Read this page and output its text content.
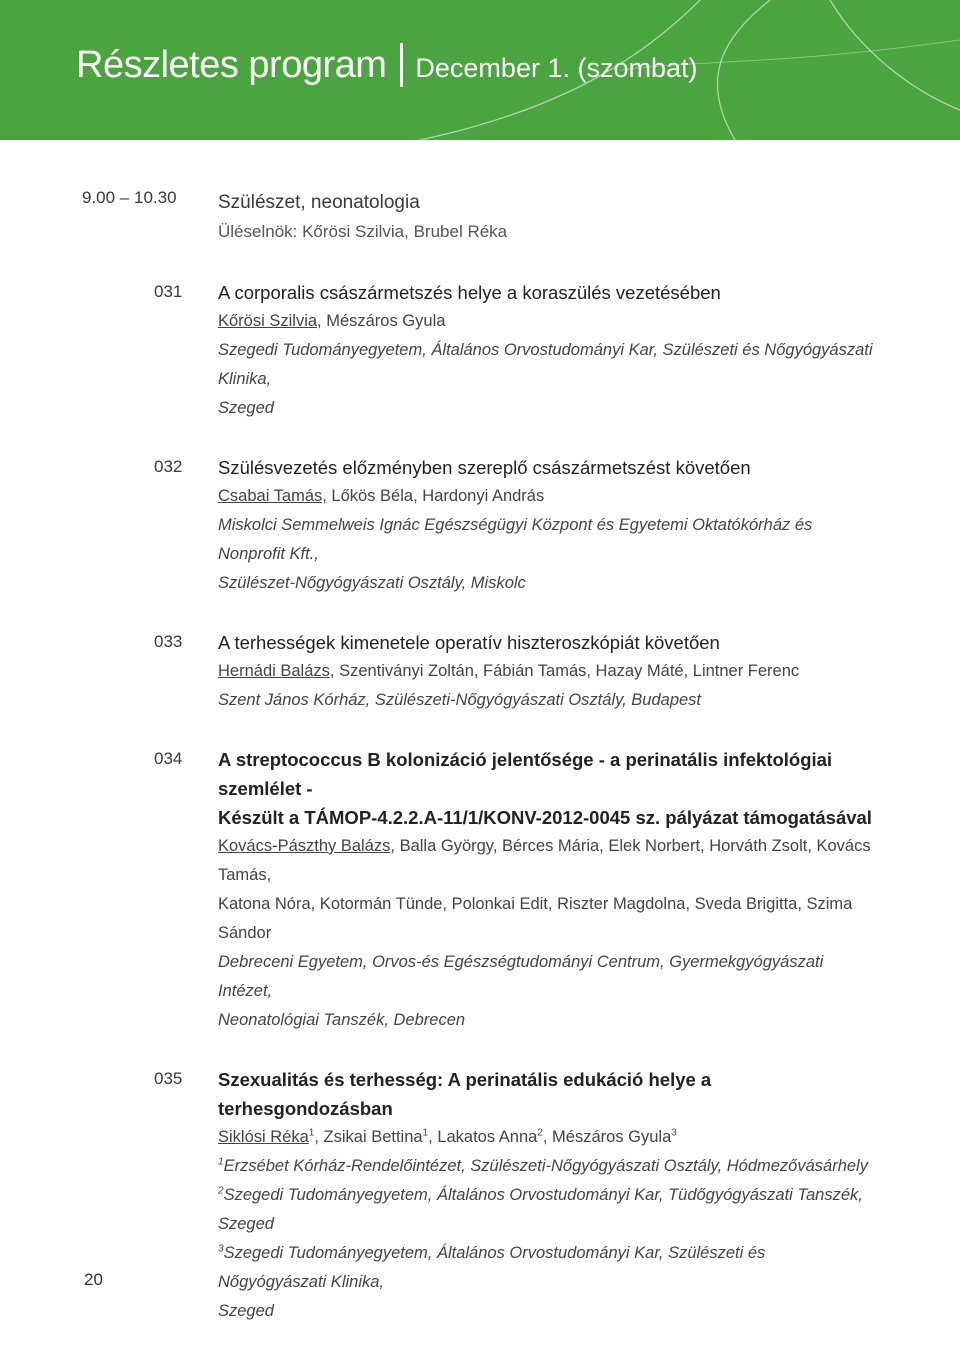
Részletes program December 1. (szombat)
9.00 – 10.30 Szülészet, neonatologia
Üléselnök: Kőrösi Szilvia, Brubel Réka
031 A corporalis császármetszés helye a koraszülés vezetésében
Kőrösi Szilvia, Mészáros Gyula
Szegedi Tudományegyetem, Általános Orvostudományi Kar, Szülészeti és Nőgyógyászati Klinika,
Szeged
032 Szülésvezetés előzményben szereplő császármetszést követően
Csabai Tamás, Lőkös Béla, Hardonyi András
Miskolci Semmelweis Ignác Egészségügyi Központ és Egyetemi Oktatókórház és Nonprofit Kft.,
Szülészet-Nőgyógyászati Osztály, Miskolc
033 A terhességek kimenetele operatív hiszteroszkópiát követően
Hernádi Balázs, Szentiványi Zoltán, Fábián Tamás, Hazay Máté, Lintner Ferenc
Szent János Kórház, Szülészeti-Nőgyógyászati Osztály, Budapest
034 A streptococcus B kolonizáció jelentősége - a perinatális infektológiai szemlélet -
Készült a TÁMOP-4.2.2.A-11/1/KONV-2012-0045 sz. pályázat támogatásával
Kovács-Pászthy Balázs, Balla György, Bérces Mária, Elek Norbert, Horváth Zsolt, Kovács Tamás,
Katona Nóra, Kotormán Tünde, Polonkai Edit, Riszter Magdolna, Sveda Brigitta, Szima Sándor
Debreceni Egyetem, Orvos-és Egészségtudományi Centrum, Gyermekgyógyászati Intézet,
Neonatológiai Tanszék, Debrecen
035 Szexualitás és terhesség: A perinatális edukáció helye a terhesgondozásban
Siklósi Réka$^1$, Zsikai Bettina$^1$, Lakatos Anna$^2$, Mészáros Gyula$^3$
$^1$Erzsébet Kórház-Rendelőintézet, Szülészeti-Nőgyógyászati Osztály, Hódmezővásárhely
$^2$Szegedi Tudományegyetem, Általános Orvostudományi Kar, Tüdőgyógyászati Tanszék, Szeged
$^3$Szegedi Tudományegyetem, Általános Orvostudományi Kar, Szülészeti és Nőgyógyászati Klinika,
Szeged
20
